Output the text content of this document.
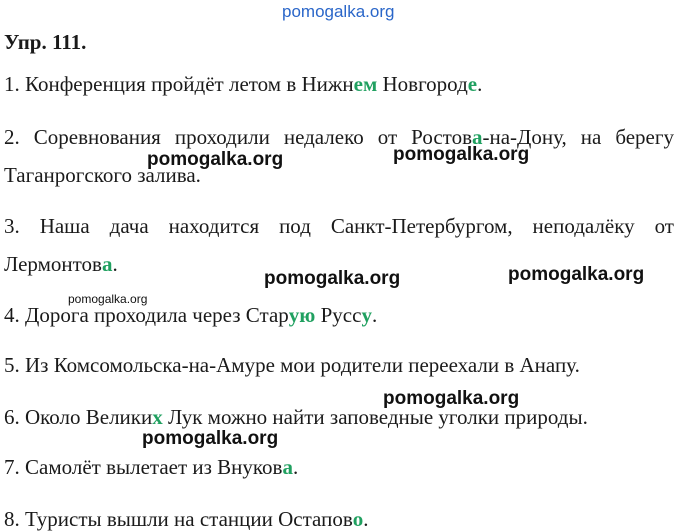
pomogalka.org
Упр. 111.
1. Конференция пройдёт летом в Нижнем Новгороде.
2. Соревнования проходили недалеко от Ростова-на-Дону, на берегу
Таганрогского залива.
3. Наша дача находится под Санкт-Петербургом, неподалёку от
Лермонтова.
4. Дорога проходила через Старую Руссу.
5. Из Комсомольска-на-Амуре мои родители переехали в Анапу.
6. Около Великих Лук можно найти заповедные уголки природы.
7. Самолёт вылетает из Внукова.
8. Туристы вышли на станции Остапово.
pomogalka.org	pomogalka.org
pomogalka.org	pomogalka.org
pomogalka.org
pomogalka.org
pomogalka.org
